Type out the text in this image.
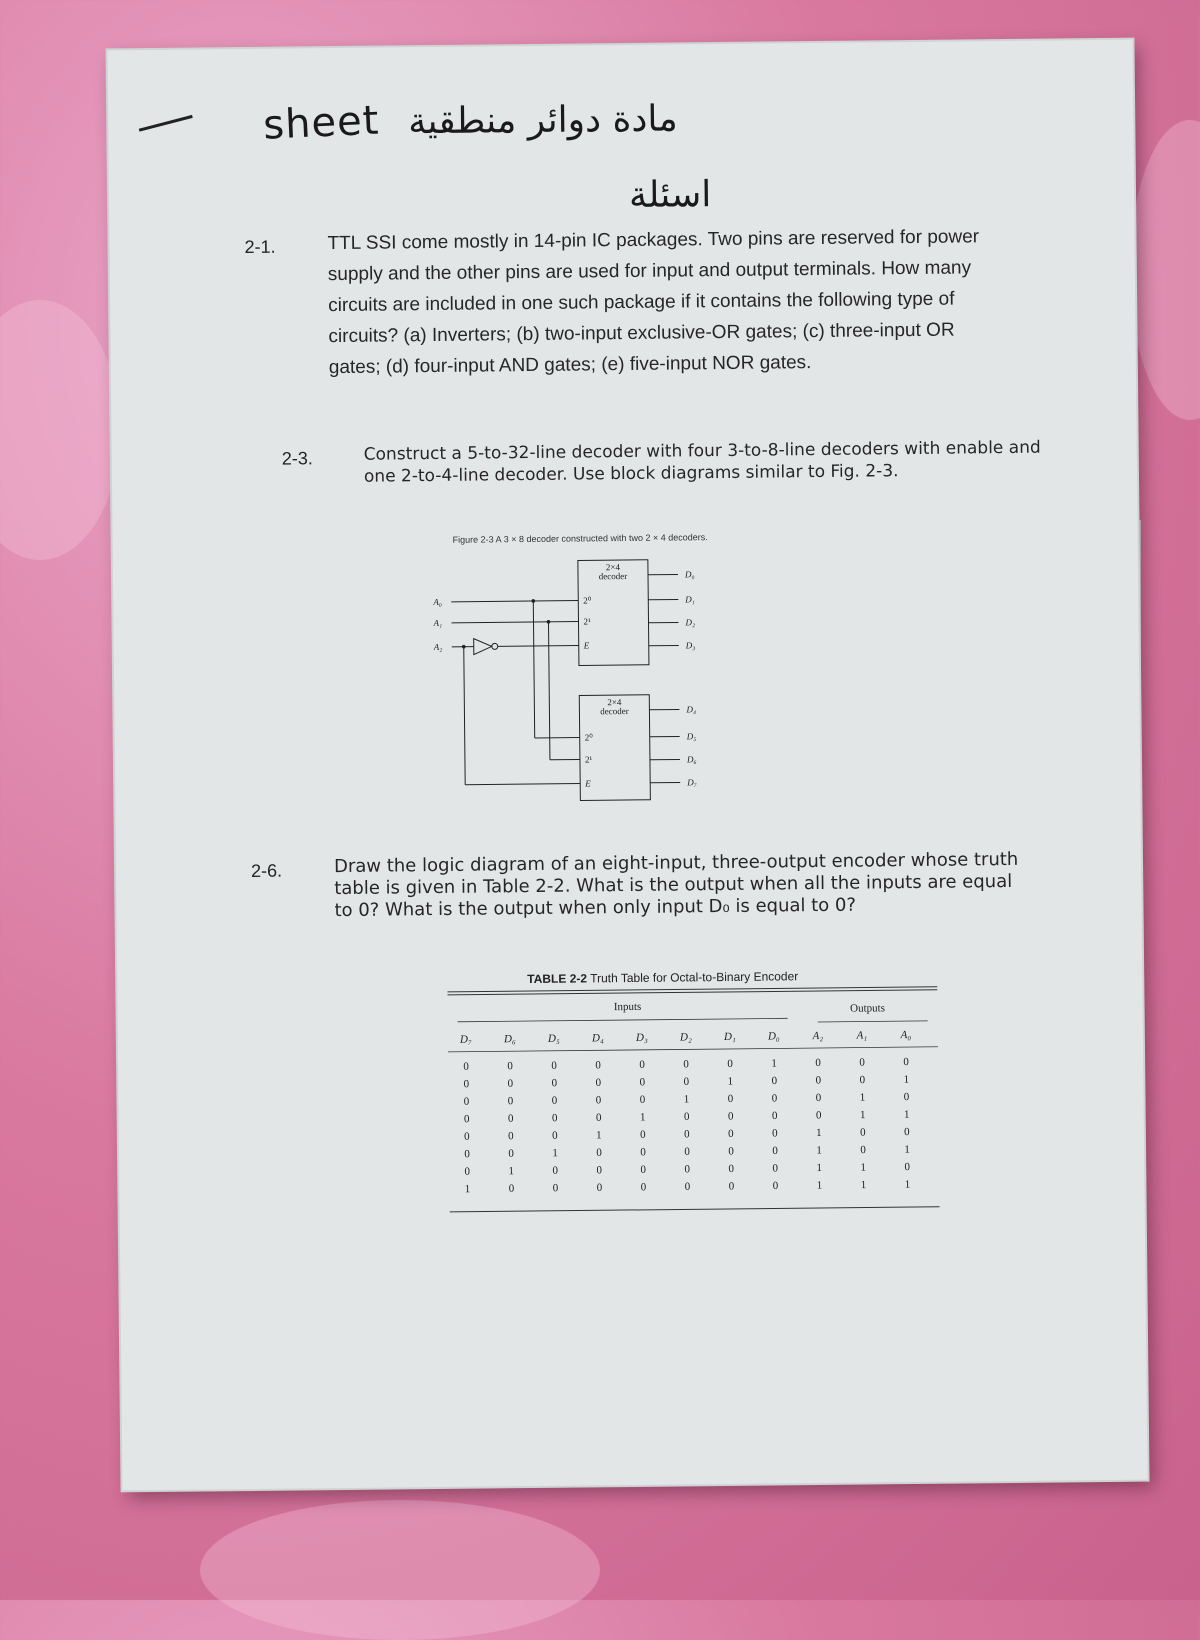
sheet مادة دوائر منطقية
اسئلة
2-1.	TTL SSI come mostly in 14-pin IC packages. Two pins are reserved for power supply and the other pins are used for input and output terminals. How many circuits are included in one such package if it contains the following type of circuits? (a) Inverters; (b) two-input exclusive-OR gates; (c) three-input OR gates; (d) four-input AND gates; (e) five-input NOR gates.
2-3.	Construct a 5-to-32-line decoder with four 3-to-8-line decoders with enable and one 2-to-4-line decoder. Use block diagrams similar to Fig. 2-3.
Figure 2-3 A 3 × 8 decoder constructed with two 2 × 4 decoders.
2×4
decoder
2⁰
2¹
E
2×4
decoder
2⁰
2¹
E
A₀
A₁
A₂
D₀
D₁
D₂
D₃
D₄
D₅
D₆
D₇
2-6.	Draw the logic diagram of an eight-input, three-output encoder whose truth table is given in Table 2-2. What is the output when all the inputs are equal to 0? What is the output when only input D₀ is equal to 0?
TABLE 2-2 Truth Table for Octal-to-Binary Encoder
Inputs	Outputs
D₇	D₆	D₅	D₄	D₃	D₂	D₁	D₀	A₂	A₁	A₀
0	0	0	0	0	0	0	1	0	0	0
0	0	0	0	0	0	1	0	0	0	1
0	0	0	0	0	1	0	0	0	1	0
0	0	0	0	1	0	0	0	0	1	1
0	0	0	1	0	0	0	0	1	0	0
0	0	1	0	0	0	0	0	1	0	1
0	1	0	0	0	0	0	0	1	1	0
1	0	0	0	0	0	0	0	1	1	1
